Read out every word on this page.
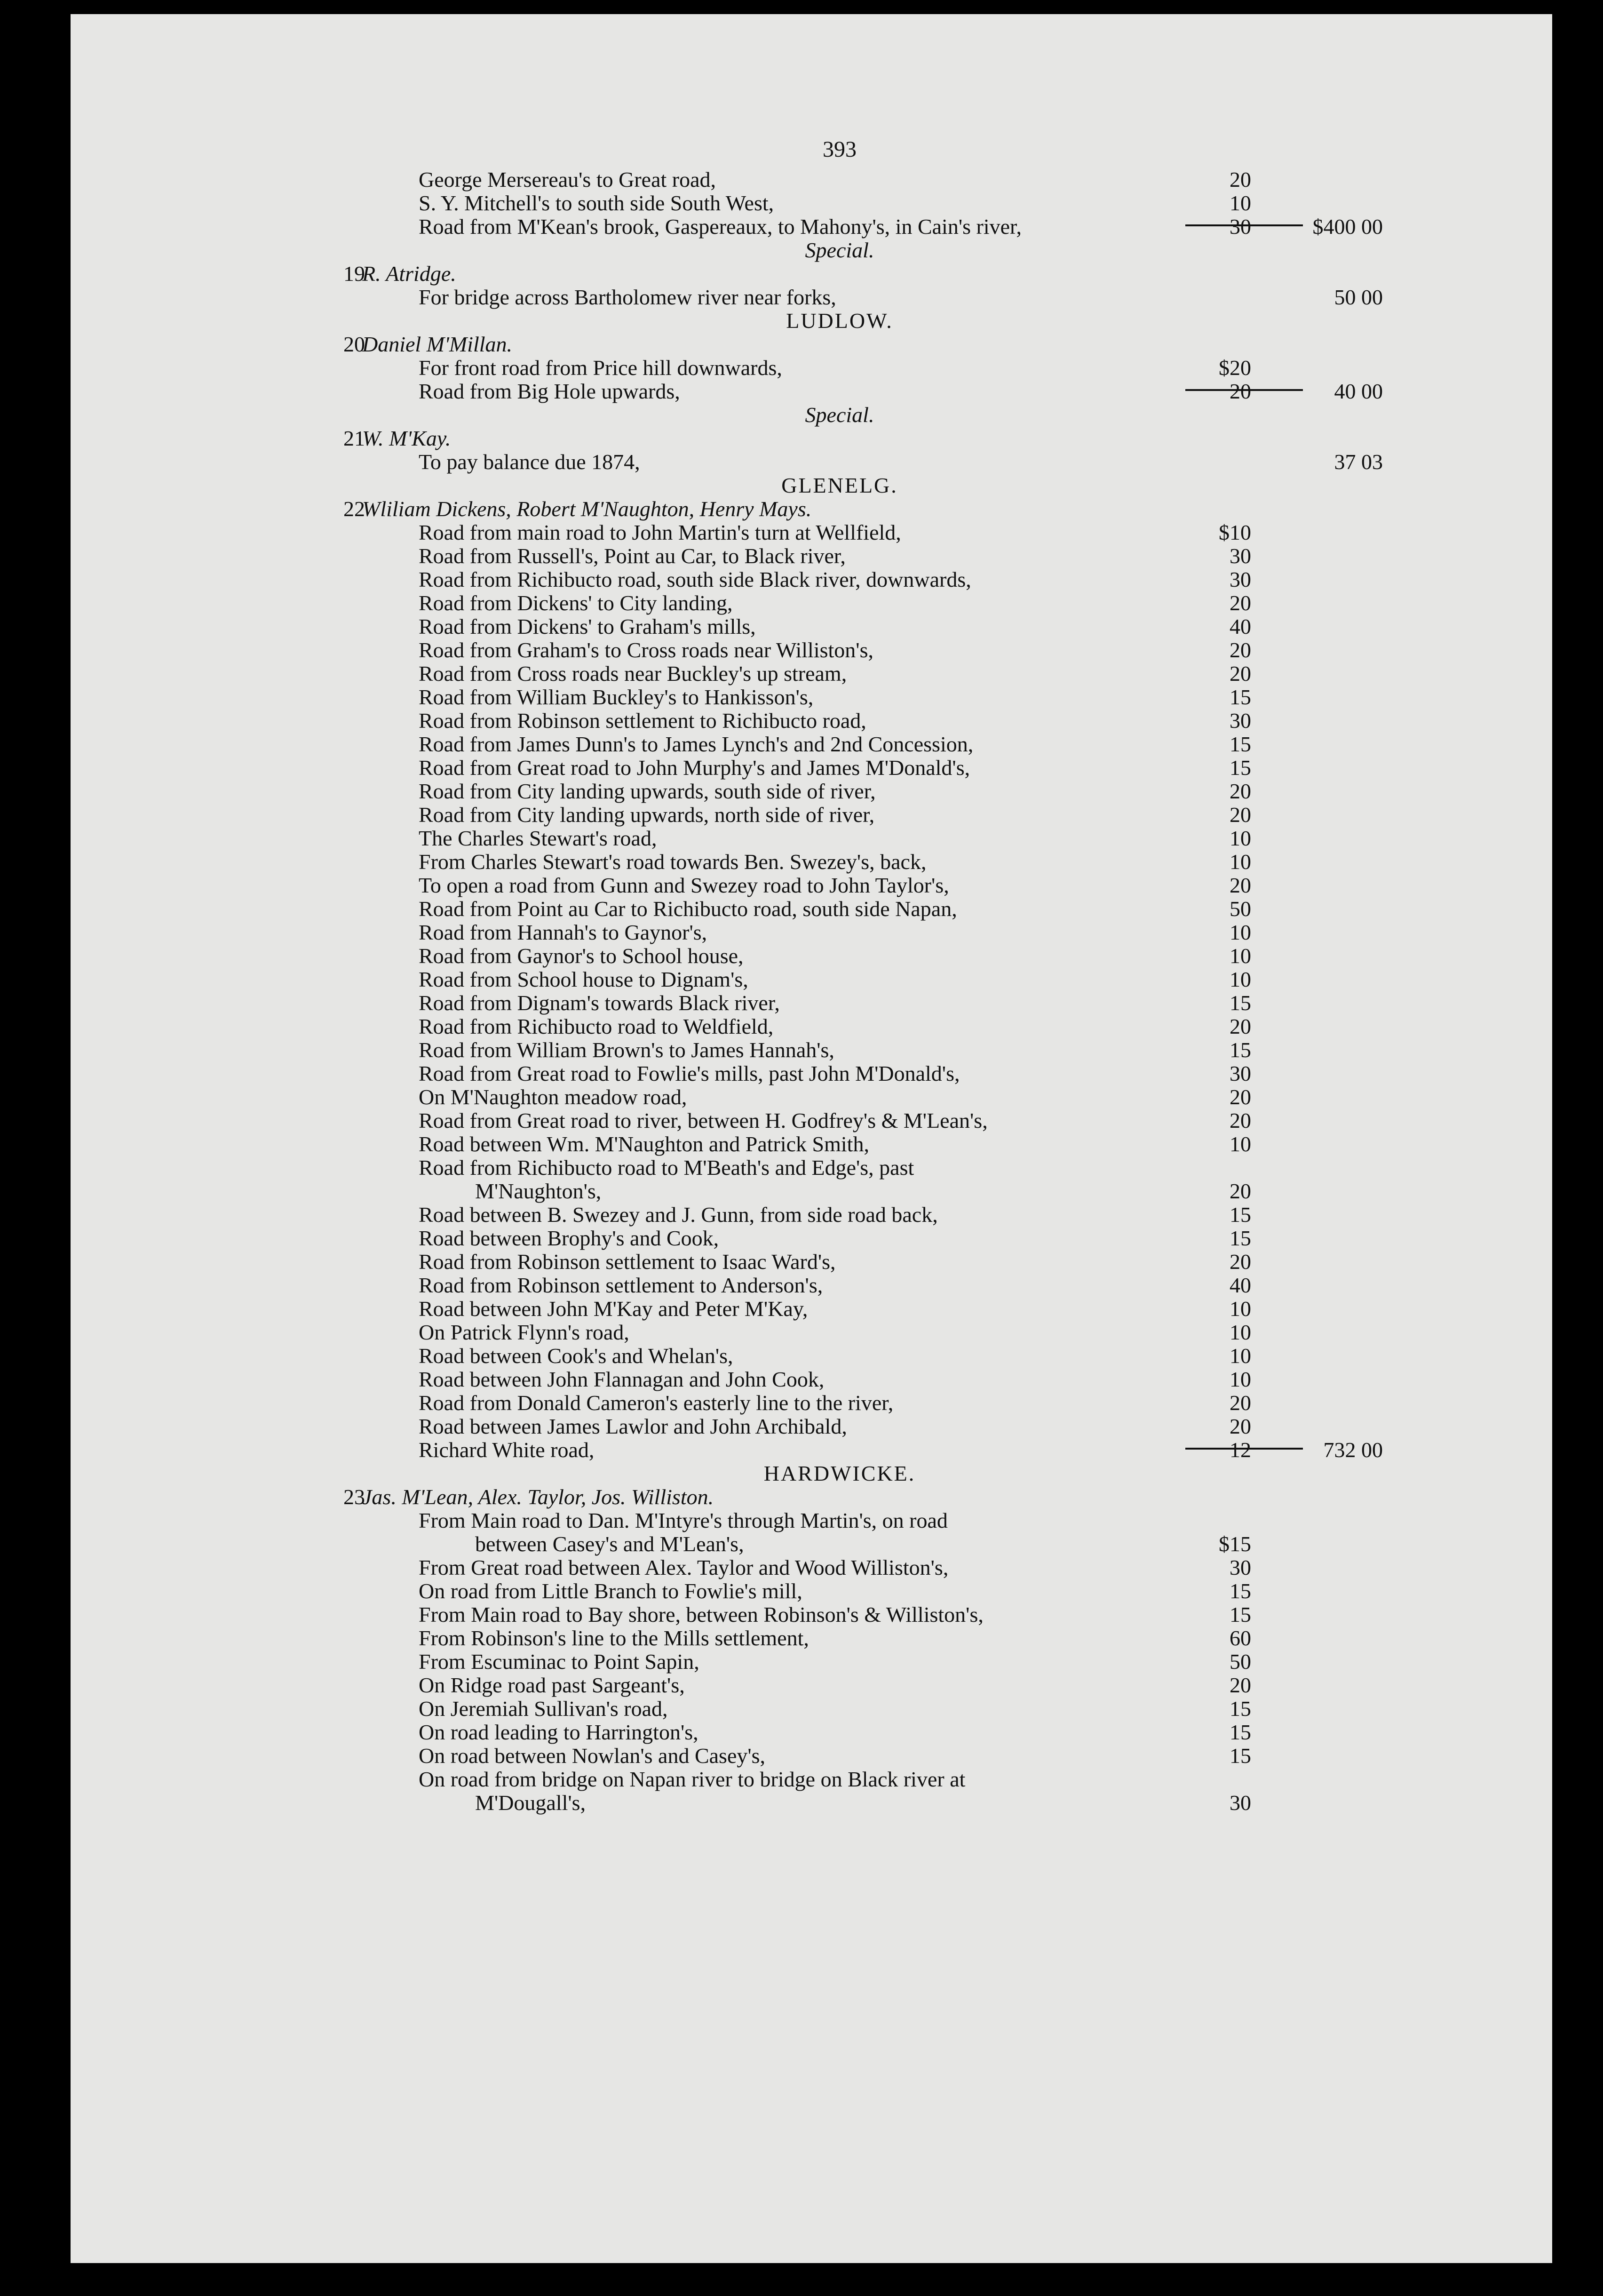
393
George Mersereau's to Great road,	20
S. Y. Mitchell's to south side South West,	10
Road from M'Kean's brook, Gaspereaux, to Mahony's, in Cain's river,	30	$400 00
Special.
19
R. Atridge.
For bridge across Bartholomew river near forks,	50 00
LUDLOW.
20
Daniel M'Millan.
For front road from Price hill downwards,	$20
Road from Big Hole upwards,	20	40 00
Special.
21
W. M'Kay.
To pay balance due 1874,	37 03
GLENELG.
22
Wliliam Dickens, Robert M'Naughton, Henry Mays.
Road from main road to John Martin's turn at Wellfield,	$10
Road from Russell's, Point au Car, to Black river,	30
Road from Richibucto road, south side Black river, downwards,	30
Road from Dickens' to City landing,	20
Road from Dickens' to Graham's mills,	40
Road from Graham's to Cross roads near Williston's,	20
Road from Cross roads near Buckley's up stream,	20
Road from William Buckley's to Hankisson's,	15
Road from Robinson settlement to Richibucto road,	30
Road from James Dunn's to James Lynch's and 2nd Concession,	15
Road from Great road to John Murphy's and James M'Donald's,	15
Road from City landing upwards, south side of river,	20
Road from City landing upwards, north side of river,	20
The Charles Stewart's road,	10
From Charles Stewart's road towards Ben. Swezey's, back,	10
To open a road from Gunn and Swezey road to John Taylor's,	20
Road from Point au Car to Richibucto road, south side Napan,	50
Road from Hannah's to Gaynor's,	10
Road from Gaynor's to School house,	10
Road from School house to Dignam's,	10
Road from Dignam's towards Black river,	15
Road from Richibucto road to Weldfield,	20
Road from William Brown's to James Hannah's,	15
Road from Great road to Fowlie's mills, past John M'Donald's,	30
On M'Naughton meadow road,	20
Road from Great road to river, between H. Godfrey's & M'Lean's,	20
Road between Wm. M'Naughton and Patrick Smith,	10
Road from Richibucto road to M'Beath's and Edge's, past
M'Naughton's,	20
Road between B. Swezey and J. Gunn, from side road back,	15
Road between Brophy's and Cook,	15
Road from Robinson settlement to Isaac Ward's,	20
Road from Robinson settlement to Anderson's,	40
Road between John M'Kay and Peter M'Kay,	10
On Patrick Flynn's road,	10
Road between Cook's and Whelan's,	10
Road between John Flannagan and John Cook,	10
Road from Donald Cameron's easterly line to the river,	20
Road between James Lawlor and John Archibald,	20
Richard White road,	12	732 00
HARDWICKE.
23
Jas. M'Lean, Alex. Taylor, Jos. Williston.
From Main road to Dan. M'Intyre's through Martin's, on road
between Casey's and M'Lean's,	$15
From Great road between Alex. Taylor and Wood Williston's,	30
On road from Little Branch to Fowlie's mill,	15
From Main road to Bay shore, between Robinson's & Williston's,	15
From Robinson's line to the Mills settlement,	60
From Escuminac to Point Sapin,	50
On Ridge road past Sargeant's,	20
On Jeremiah Sullivan's road,	15
On road leading to Harrington's,	15
On road between Nowlan's and Casey's,	15
On road from bridge on Napan river to bridge on Black river at
M'Dougall's,	30
